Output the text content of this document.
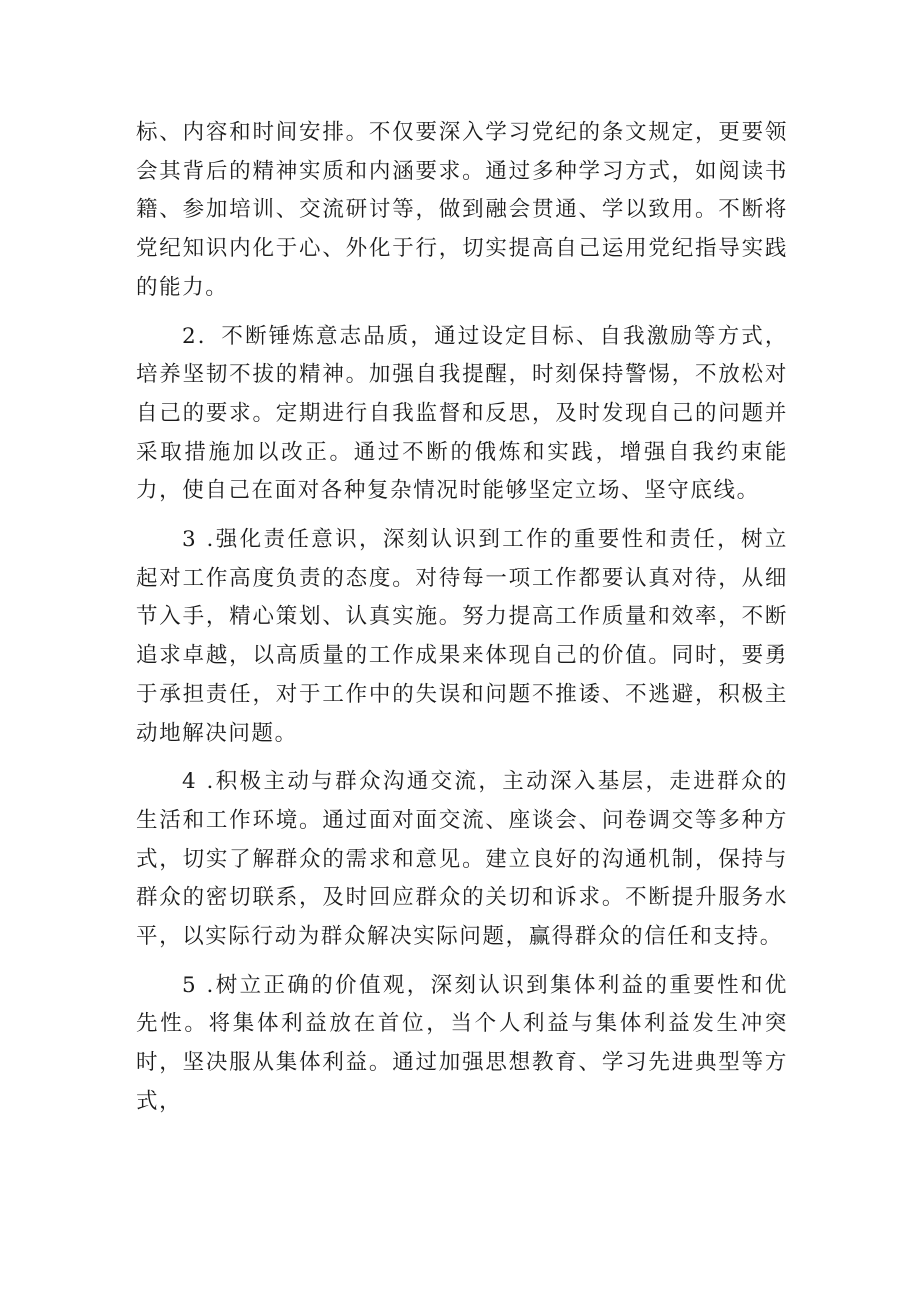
标、内容和时间安排。不仅要深入学习党纪的条文规定，更要领会其背后的精神实质和内涵要求。通过多种学习方式，如阅读书籍、参加培训、交流研讨等，做到融会贯通、学以致用。不断将党纪知识内化于心、外化于行，切实提高自己运用党纪指导实践的能力。

2．不断锤炼意志品质，通过设定目标、自我激励等方式，培养坚韧不拔的精神。加强自我提醒，时刻保持警惕，不放松对自己的要求。定期进行自我监督和反思，及时发现自己的问题并采取措施加以改正。通过不断的俄炼和实践，增强自我约束能力，使自己在面对各种复杂情况时能够坚定立场、坚守底线。

3 .强化责任意识，深刻认识到工作的重要性和责任，树立起对工作高度负责的态度。对待每一项工作都要认真对待，从细节入手，精心策划、认真实施。努力提高工作质量和效率，不断追求卓越，以高质量的工作成果来体现自己的价值。同时，要勇于承担责任，对于工作中的失误和问题不推诿、不逃避，积极主动地解决问题。

4 .积极主动与群众沟通交流，主动深入基层，走进群众的生活和工作环境。通过面对面交流、座谈会、问卷调交等多种方式，切实了解群众的需求和意见。建立良好的沟通机制，保持与群众的密切联系，及时回应群众的关切和诉求。不断提升服务水平，以实际行动为群众解决实际问题，赢得群众的信任和支持。

5 .树立正确的价值观，深刻认识到集体利益的重要性和优先性。将集体利益放在首位，当个人利益与集体利益发生冲突时，坚决服从集体利益。通过加强思想教育、学习先进典型等方式，
